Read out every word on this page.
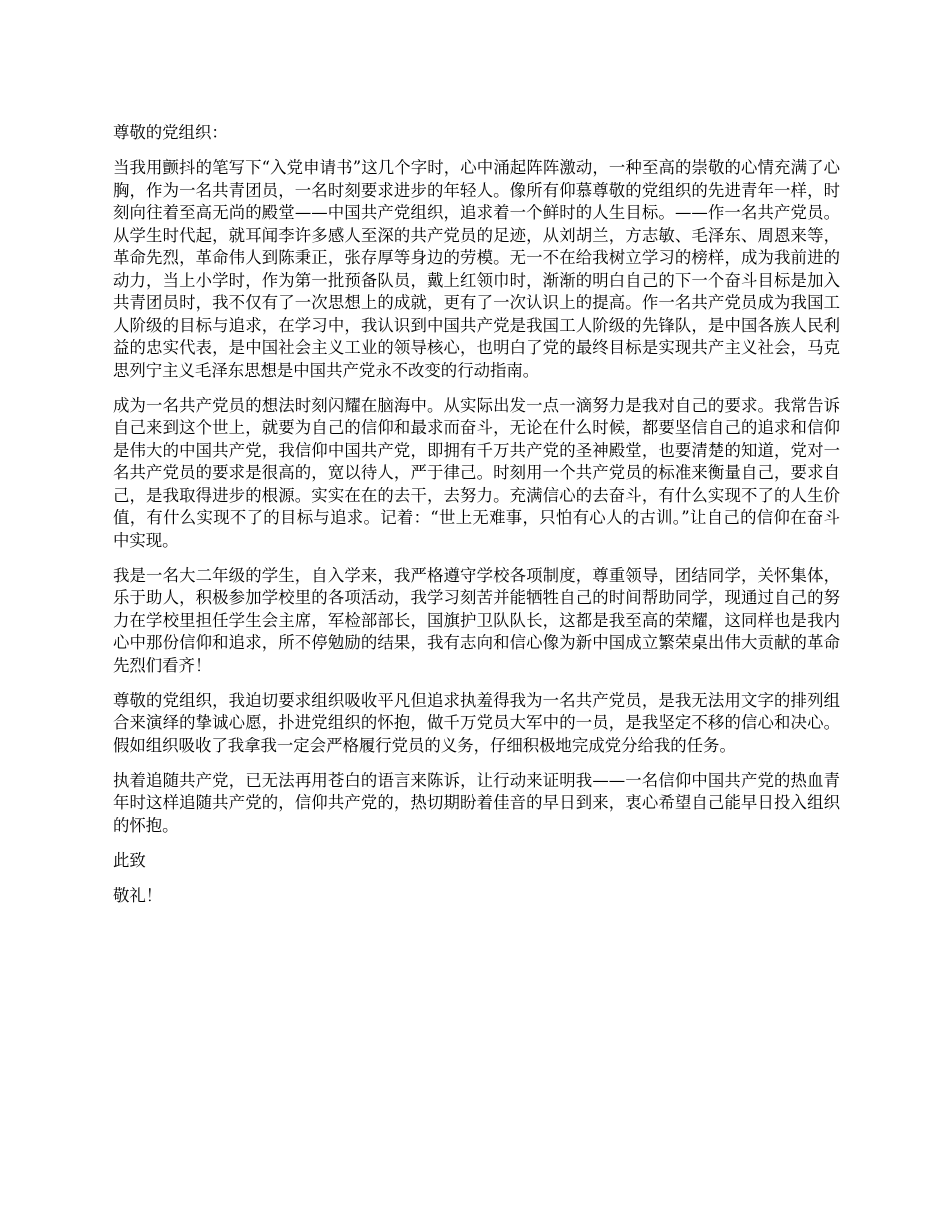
尊敬的党组织：

当我用颤抖的笔写下“入党申请书”这几个字时，心中涌起阵阵激动，一种至高的崇敬的心情充满了心胸，作为一名共青团员，一名时刻要求进步的年轻人。像所有仰慕尊敬的党组织的先进青年一样，时刻向往着至高无尚的殿堂——中国共产党组织，追求着一个鲜时的人生目标。——作一名共产党员。从学生时代起，就耳闻李许多感人至深的共产党员的足迹，从刘胡兰，方志敏、毛泽东、周恩来等，革命先烈，革命伟人到陈秉正，张存厚等身边的劳模。无一不在给我树立学习的榜样，成为我前进的动力，当上小学时，作为第一批预备队员，戴上红领巾时，渐渐的明白自己的下一个奋斗目标是加入共青团员时，我不仅有了一次思想上的成就，更有了一次认识上的提高。作一名共产党员成为我国工人阶级的目标与追求，在学习中，我认识到中国共产党是我国工人阶级的先锋队，是中国各族人民利益的忠实代表，是中国社会主义工业的领导核心，也明白了党的最终目标是实现共产主义社会，马克思列宁主义毛泽东思想是中国共产党永不改变的行动指南。

成为一名共产党员的想法时刻闪耀在脑海中。从实际出发一点一滴努力是我对自己的要求。我常告诉自己来到这个世上，就要为自己的信仰和最求而奋斗，无论在什么时候，都要坚信自己的追求和信仰是伟大的中国共产党，我信仰中国共产党，即拥有千万共产党的圣神殿堂，也要清楚的知道，党对一名共产党员的要求是很高的，宽以待人，严于律己。时刻用一个共产党员的标准来衡量自己，要求自己，是我取得进步的根源。实实在在的去干，去努力。充满信心的去奋斗，有什么实现不了的人生价值，有什么实现不了的目标与追求。记着：“世上无难事，只怕有心人的古训。”让自己的信仰在奋斗中实现。

我是一名大二年级的学生，自入学来，我严格遵守学校各项制度，尊重领导，团结同学，关怀集体，乐于助人，积极参加学校里的各项活动，我学习刻苦并能牺牲自己的时间帮助同学，现通过自己的努力在学校里担任学生会主席，军检部部长，国旗护卫队队长，这都是我至高的荣耀，这同样也是我内心中那份信仰和追求，所不停勉励的结果，我有志向和信心像为新中国成立繁荣桌出伟大贡献的革命先烈们看齐！

尊敬的党组织，我迫切要求组织吸收平凡但追求执羞得我为一名共产党员，是我无法用文字的排列组合来演绎的挚诚心愿，扑进党组织的怀抱，做千万党员大军中的一员，是我坚定不移的信心和决心。假如组织吸收了我拿我一定会严格履行党员的义务，仔细积极地完成党分给我的任务。

执着追随共产党，已无法再用苍白的语言来陈诉，让行动来证明我——一名信仰中国共产党的热血青年时这样追随共产党的，信仰共产党的，热切期盼着佳音的早日到来，衷心希望自己能早日投入组织的怀抱。

此致

敬礼！
